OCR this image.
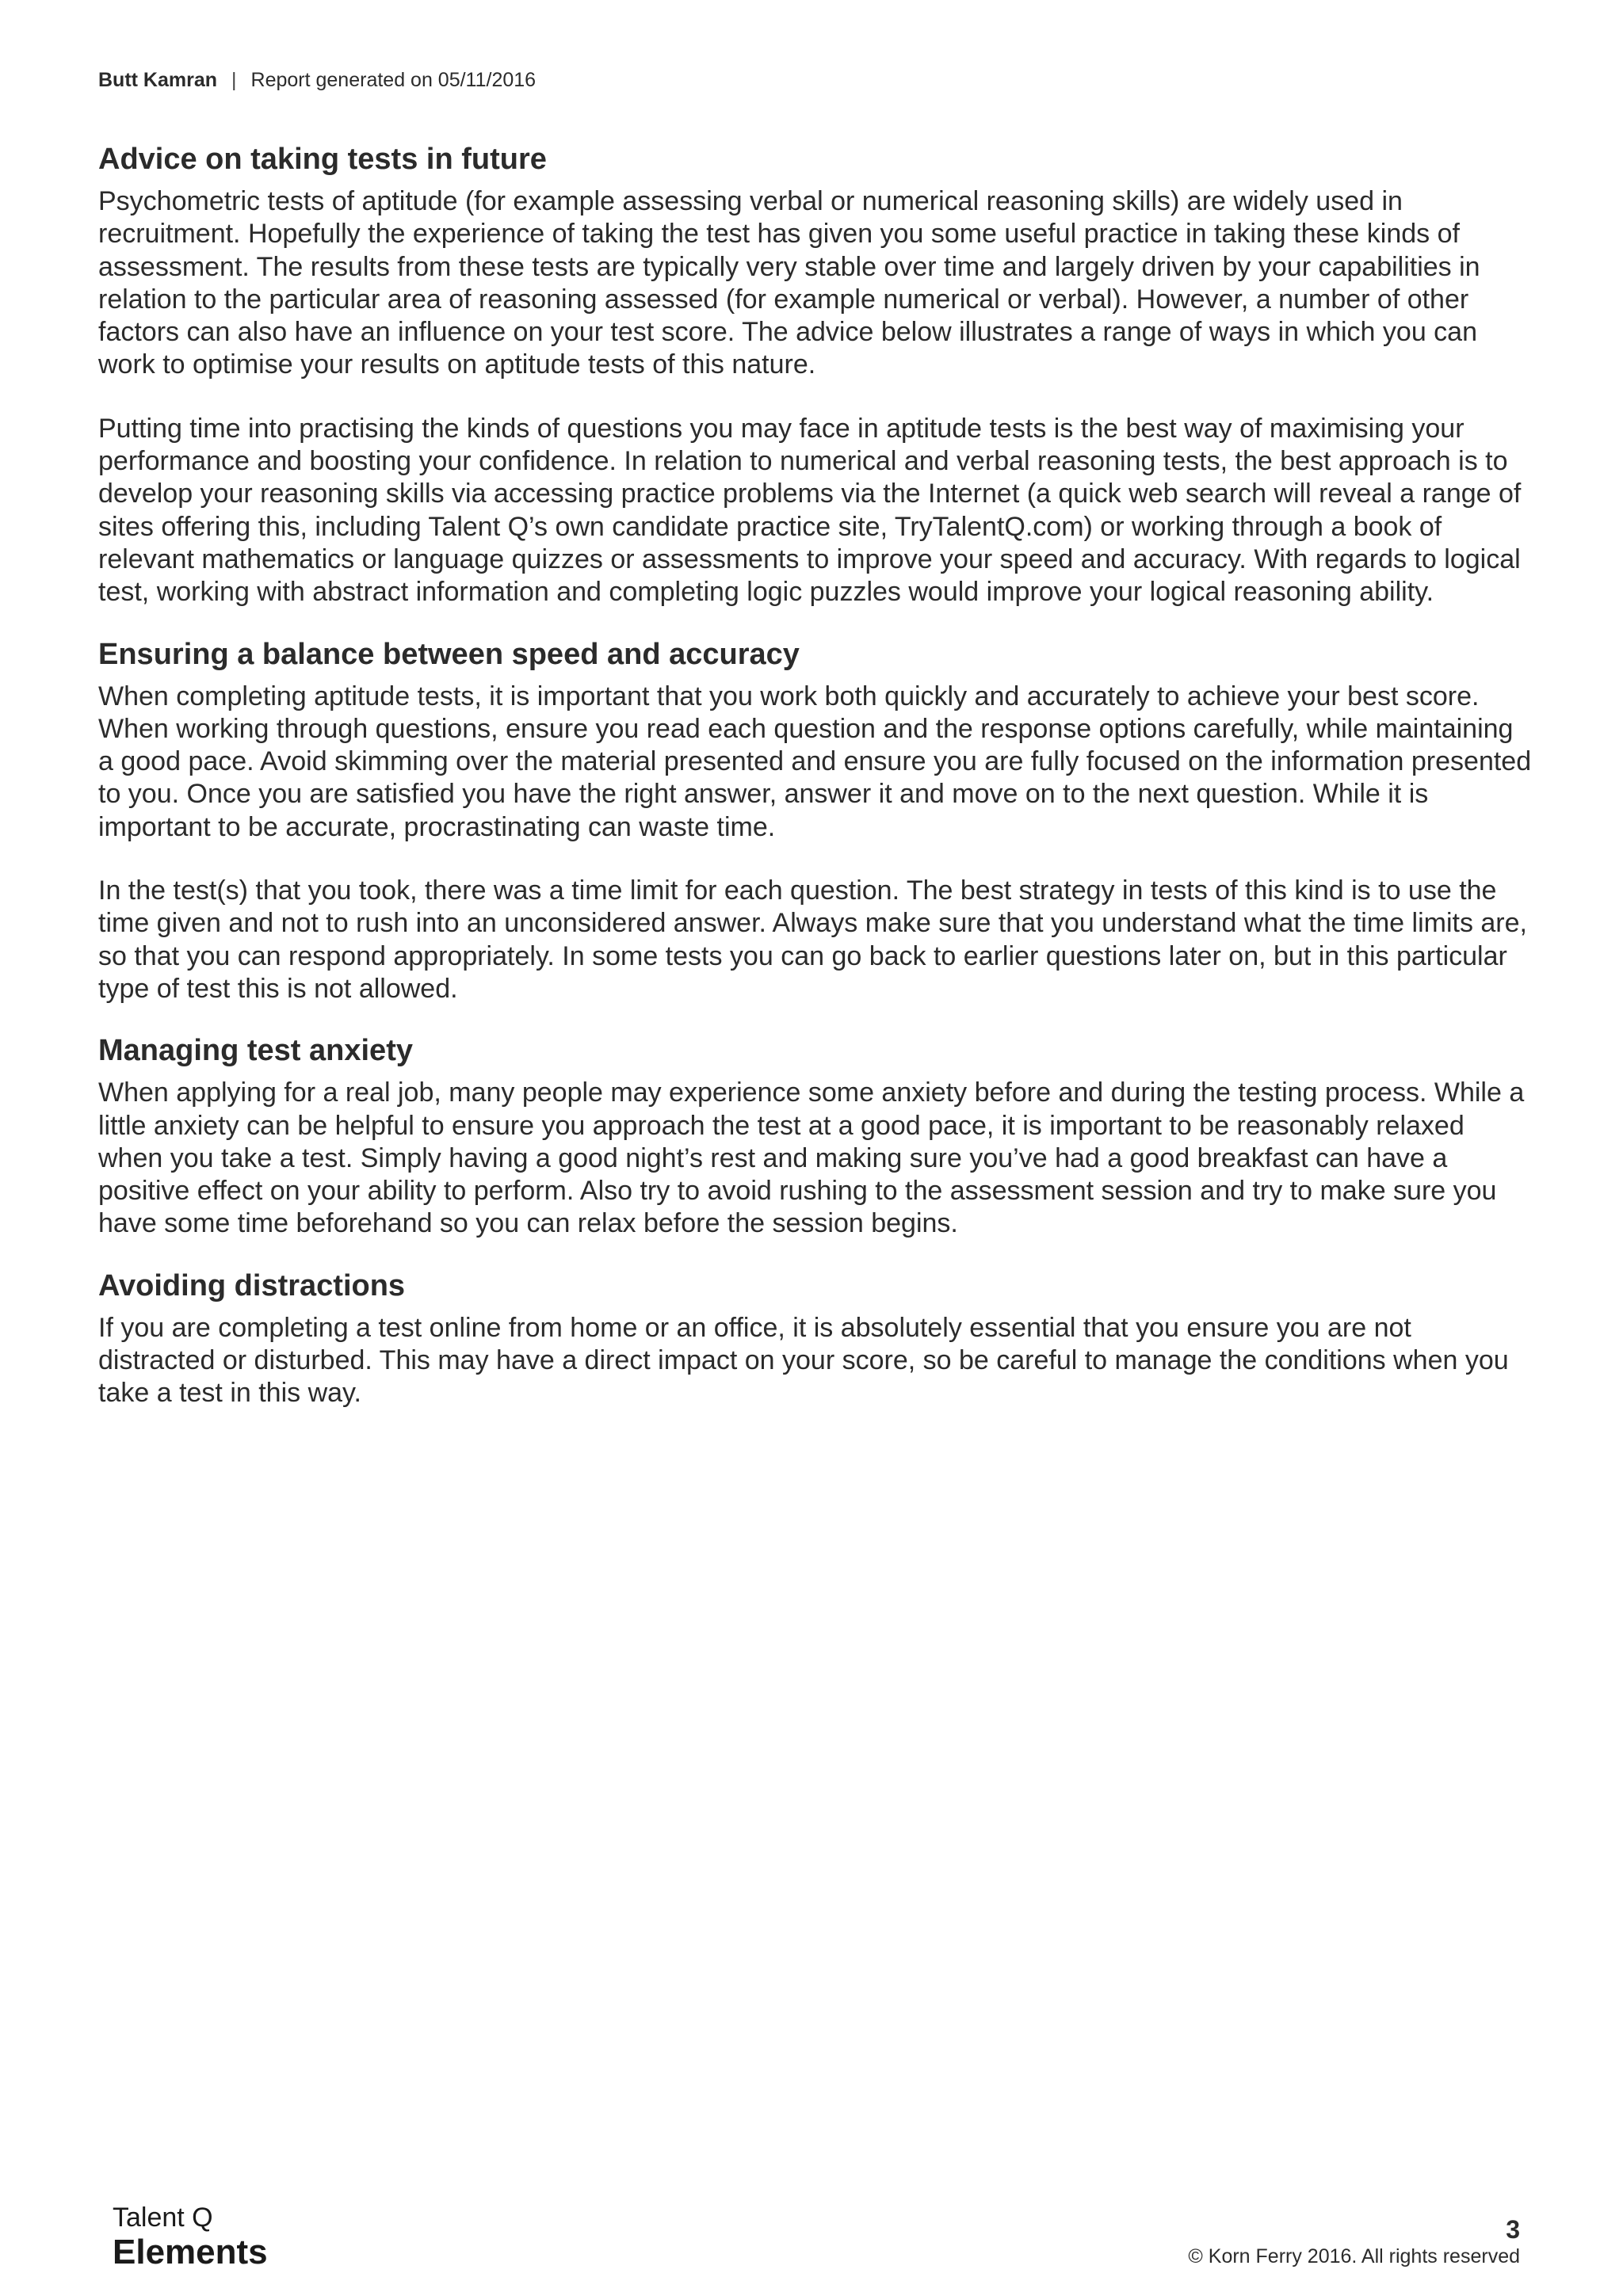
Butt Kamran | Report generated on 05/11/2016
Advice on taking tests in future

Psychometric tests of aptitude (for example assessing verbal or numerical reasoning skills) are widely used in recruitment. Hopefully the experience of taking the test has given you some useful practice in taking these kinds of assessment. The results from these tests are typically very stable over time and largely driven by your capabilities in relation to the particular area of reasoning assessed (for example numerical or verbal). However, a number of other factors can also have an influence on your test score. The advice below illustrates a range of ways in which you can work to optimise your results on aptitude tests of this nature.

Putting time into practising the kinds of questions you may face in aptitude tests is the best way of maximising your performance and boosting your confidence. In relation to numerical and verbal reasoning tests, the best approach is to develop your reasoning skills via accessing practice problems via the Internet (a quick web search will reveal a range of sites offering this, including Talent Q’s own candidate practice site, TryTalentQ.com) or working through a book of relevant mathematics or language quizzes or assessments to improve your speed and accuracy. With regards to logical test, working with abstract information and completing logic puzzles would improve your logical reasoning ability.

Ensuring a balance between speed and accuracy

When completing aptitude tests, it is important that you work both quickly and accurately to achieve your best score. When working through questions, ensure you read each question and the response options carefully, while maintaining a good pace. Avoid skimming over the material presented and ensure you are fully focused on the information presented to you. Once you are satisfied you have the right answer, answer it and move on to the next question. While it is important to be accurate, procrastinating can waste time.

In the test(s) that you took, there was a time limit for each question. The best strategy in tests of this kind is to use the time given and not to rush into an unconsidered answer. Always make sure that you understand what the time limits are, so that you can respond appropriately. In some tests you can go back to earlier questions later on, but in this particular type of test this is not allowed.

Managing test anxiety

When applying for a real job, many people may experience some anxiety before and during the testing process. While a little anxiety can be helpful to ensure you approach the test at a good pace, it is important to be reasonably relaxed when you take a test. Simply having a good night’s rest and making sure you’ve had a good breakfast can have a positive effect on your ability to perform. Also try to avoid rushing to the assessment session and try to make sure you have some time beforehand so you can relax before the session begins.

Avoiding distractions

If you are completing a test online from home or an office, it is absolutely essential that you ensure you are not distracted or disturbed. This may have a direct impact on your score, so be careful to manage the conditions when you take a test in this way.

Talent Q
Elements
3
© Korn Ferry 2016. All rights reserved
